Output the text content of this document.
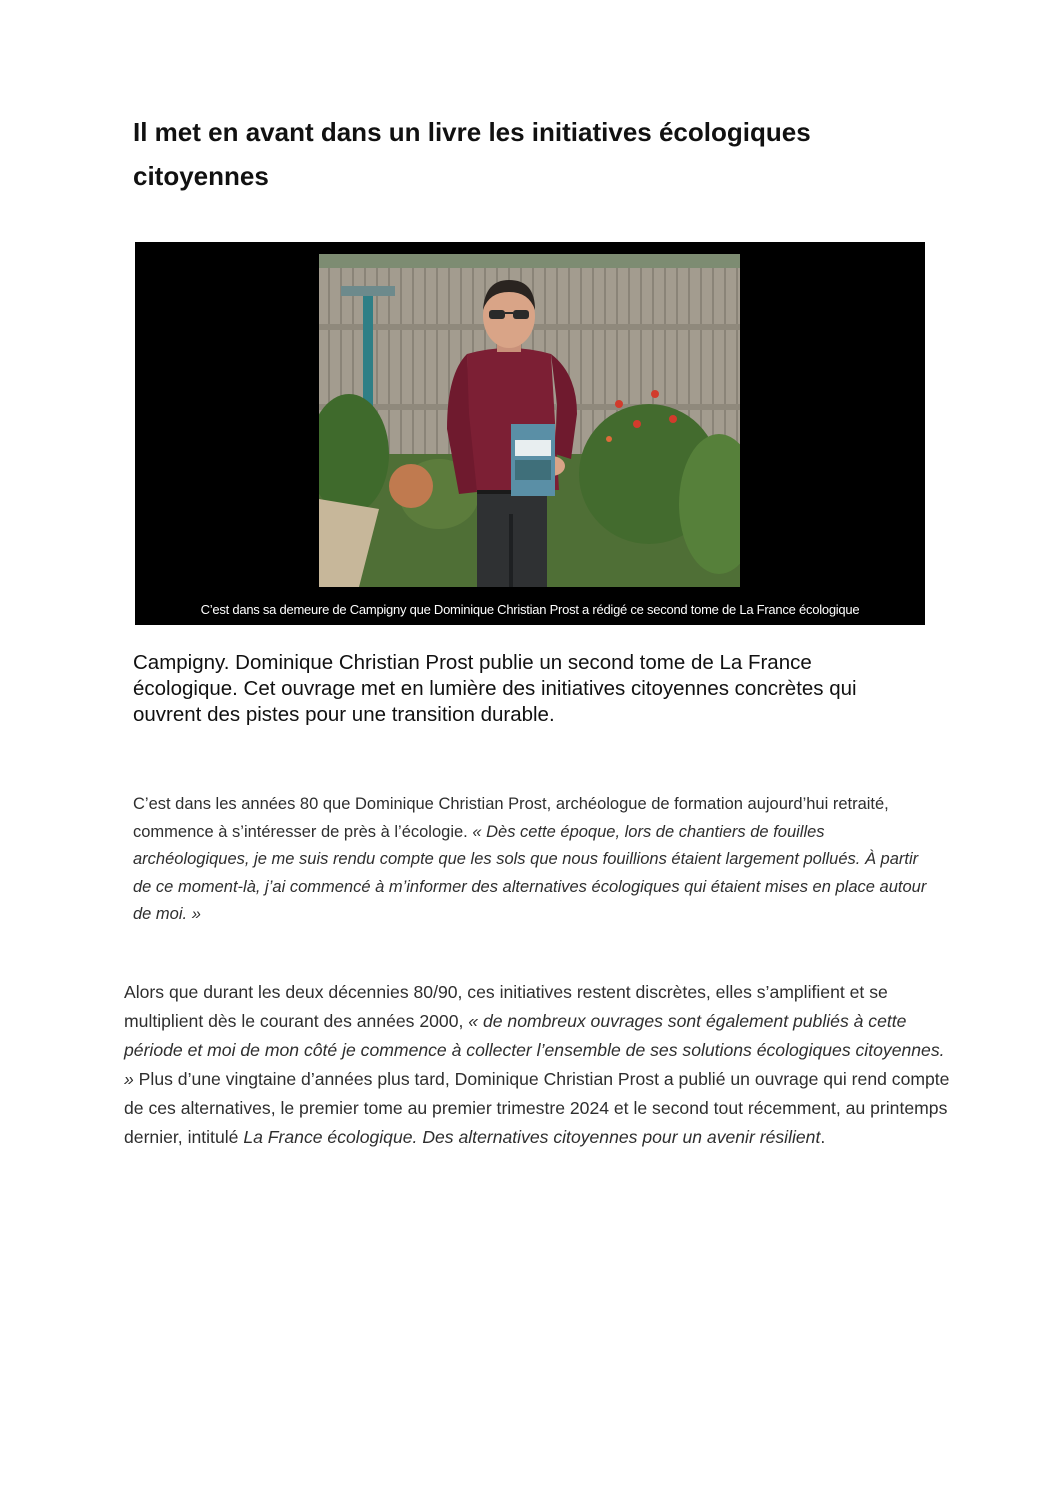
Il met en avant dans un livre les initiatives écologiques citoyennes
C’est dans sa demeure de Campigny que Dominique Christian Prost a rédigé ce second tome de La France écologique

Campigny. Dominique Christian Prost publie un second tome de La France écologique. Cet ouvrage met en lumière des initiatives citoyennes concrètes qui ouvrent des pistes pour une transition durable.

C’est dans les années 80 que Dominique Christian Prost, archéologue de formation aujourd’hui retraité, commence à s’intéresser de près à l’écologie. « Dès cette époque, lors de chantiers de fouilles archéologiques, je me suis rendu compte que les sols que nous fouillions étaient largement pollués. À partir de ce moment-là, j’ai commencé à m’informer des alternatives écologiques qui étaient mises en place autour de moi. »

Alors que durant les deux décennies 80/90, ces initiatives restent discrètes, elles s’amplifient et se multiplient dès le courant des années 2000, « de nombreux ouvrages sont également publiés à cette période et moi de mon côté je commence à collecter l’ensemble de ses solutions écologiques citoyennes. » Plus d’une vingtaine d’années plus tard, Dominique Christian Prost a publié un ouvrage qui rend compte de ces alternatives, le premier tome au premier trimestre 2024 et le second tout récemment, au printemps dernier, intitulé La France écologique. Des alternatives citoyennes pour un avenir résilient.
